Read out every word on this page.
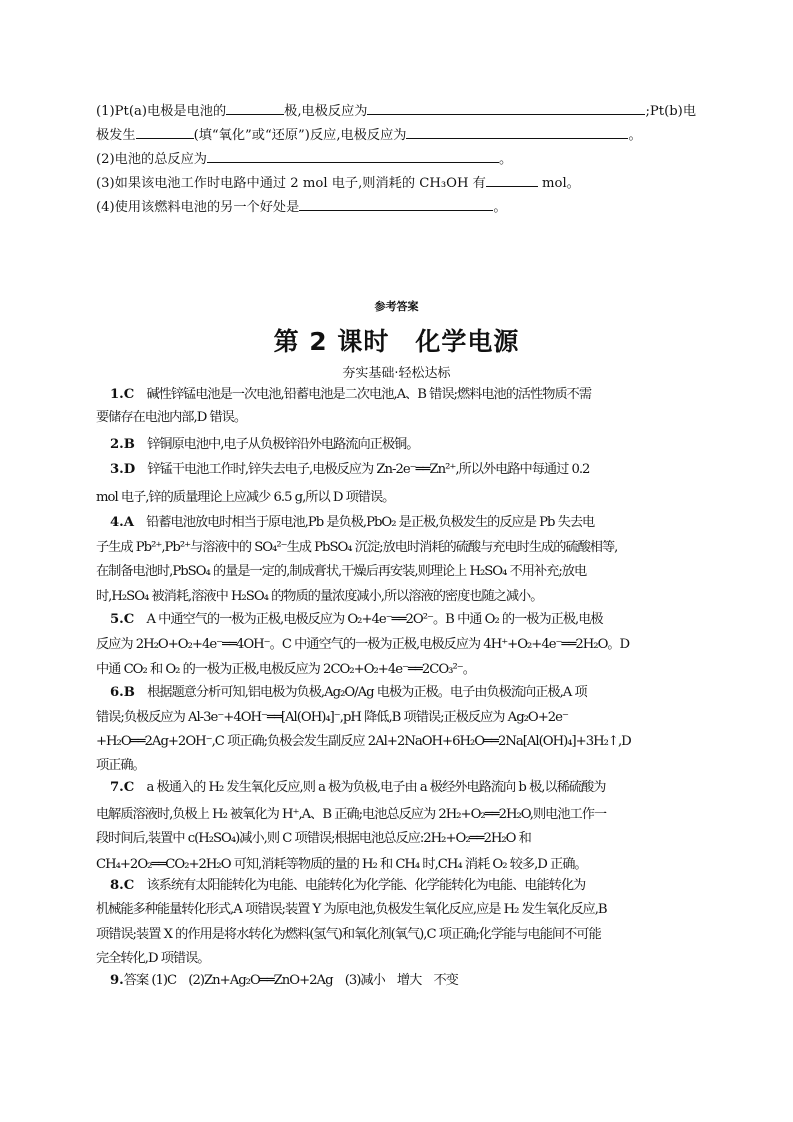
(1)Pt(a)电极是电池的	极,电极反应为	;Pt(b)电
极发生	(填“氧化”或“还原”)反应,电极反应为	。
(2)电池的总反应为	。
(3)如果该电池工作时电路中通过 2 mol 电子,则消耗的 CH₃OH 有	mol。
(4)使用该燃料电池的另一个好处是	。
参考答案
第 2 课时　化学电源
夯实基础·轻松达标
1.C　碱性锌锰电池是一次电池,铅蓄电池是二次电池,A、B 错误;燃料电池的活性物质不需
要储存在电池内部,D 错误。
2.B　锌铜原电池中,电子从负极锌沿外电路流向正极铜。
3.D　锌锰干电池工作时,锌失去电子,电极反应为 Zn-2e⁻══Zn²⁺,所以外电路中每通过 0.2
mol 电子,锌的质量理论上应减少 6.5 g,所以 D 项错误。
4.A　铅蓄电池放电时相当于原电池,Pb 是负极,PbO₂ 是正极,负极发生的反应是 Pb 失去电
子生成 Pb²⁺,Pb²⁺与溶液中的 SO₄²⁻生成 PbSO₄ 沉淀;放电时消耗的硫酸与充电时生成的硫酸相等,
在制备电池时,PbSO₄ 的量是一定的,制成膏状,干燥后再安装,则理论上 H₂SO₄ 不用补充;放电
时,H₂SO₄ 被消耗,溶液中 H₂SO₄ 的物质的量浓度减小,所以溶液的密度也随之减小。
5.C　A 中通空气的一极为正极,电极反应为 O₂+4e⁻══2O²⁻。B 中通 O₂ 的一极为正极,电极
反应为 2H₂O+O₂+4e⁻══4OH⁻。C 中通空气的一极为正极,电极反应为 4H⁺+O₂+4e⁻══2H₂O。D
中通 CO₂ 和 O₂ 的一极为正极,电极反应为 2CO₂+O₂+4e⁻══2CO₃²⁻。
6.B　根据题意分析可知,铝电极为负极,Ag₂O/Ag 电极为正极。电子由负极流向正极,A 项
错误;负极反应为 Al-3e⁻+4OH⁻══[Al(OH)₄]⁻,pH 降低,B 项错误;正极反应为 Ag₂O+2e⁻
+H₂O══2Ag+2OH⁻,C 项正确;负极会发生副反应 2Al+2NaOH+6H₂O══2Na[Al(OH)₄]+3H₂↑,D
项正确。
7.C　a 极通入的 H₂ 发生氧化反应,则 a 极为负极,电子由 a 极经外电路流向 b 极,以稀硫酸为
电解质溶液时,负极上 H₂ 被氧化为 H⁺,A、B 正确;电池总反应为 2H₂+O₂══2H₂O,则电池工作一
段时间后,装置中 c(H₂SO₄)减小,则 C 项错误;根据电池总反应:2H₂+O₂══2H₂O 和
CH₄+2O₂══CO₂+2H₂O 可知,消耗等物质的量的 H₂ 和 CH₄ 时,CH₄ 消耗 O₂ 较多,D 正确。
8.C　该系统有太阳能转化为电能、电能转化为化学能、化学能转化为电能、电能转化为
机械能多种能量转化形式,A 项错误;装置 Y 为原电池,负极发生氧化反应,应是 H₂ 发生氧化反应,B
项错误;装置 X 的作用是将水转化为燃料(氢气)和氧化剂(氧气),C 项正确;化学能与电能间不可能
完全转化,D 项错误。
9.答案 (1)C　(2)Zn+Ag₂O══ZnO+2Ag　(3)减小　增大　不变
